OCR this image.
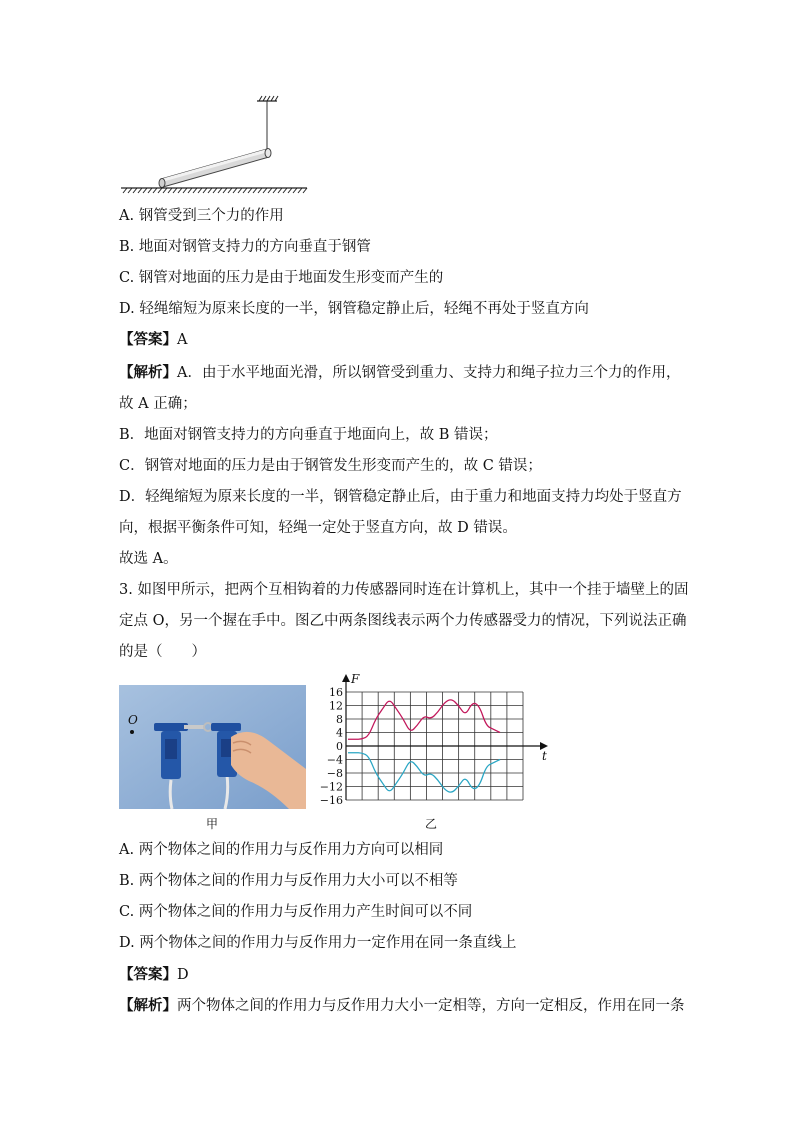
A. 钢管受到三个力的作用
B. 地面对钢管支持力的方向垂直于钢管
C. 钢管对地面的压力是由于地面发生形变而产生的
D. 轻绳缩短为原来长度的一半，钢管稳定静止后，轻绳不再处于竖直方向
【答案】A
【解析】A．由于水平地面光滑，所以钢管受到重力、支持力和绳子拉力三个力的作用，
故 A 正确；
B．地面对钢管支持力的方向垂直于地面向上，故 B 错误；
C．钢管对地面的压力是由于钢管发生形变而产生的，故 C 错误；
D．轻绳缩短为原来长度的一半，钢管稳定静止后，由于重力和地面支持力均处于竖直方
向，根据平衡条件可知，轻绳一定处于竖直方向，故 D 错误。
故选 A。
3. 如图甲所示，把两个互相钩着的力传感器同时连在计算机上，其中一个挂于墙壁上的固
定点 O，另一个握在手中。图乙中两条图线表示两个力传感器受力的情况，下列说法正确
的是（　　）
O
16
12
8
4
0
−4
−8
−12
−16
F
t
甲	乙
A. 两个物体之间的作用力与反作用力方向可以相同
B. 两个物体之间的作用力与反作用力大小可以不相等
C. 两个物体之间的作用力与反作用力产生时间可以不同
D. 两个物体之间的作用力与反作用力一定作用在同一条直线上
【答案】D
【解析】两个物体之间的作用力与反作用力大小一定相等，方向一定相反，作用在同一条
